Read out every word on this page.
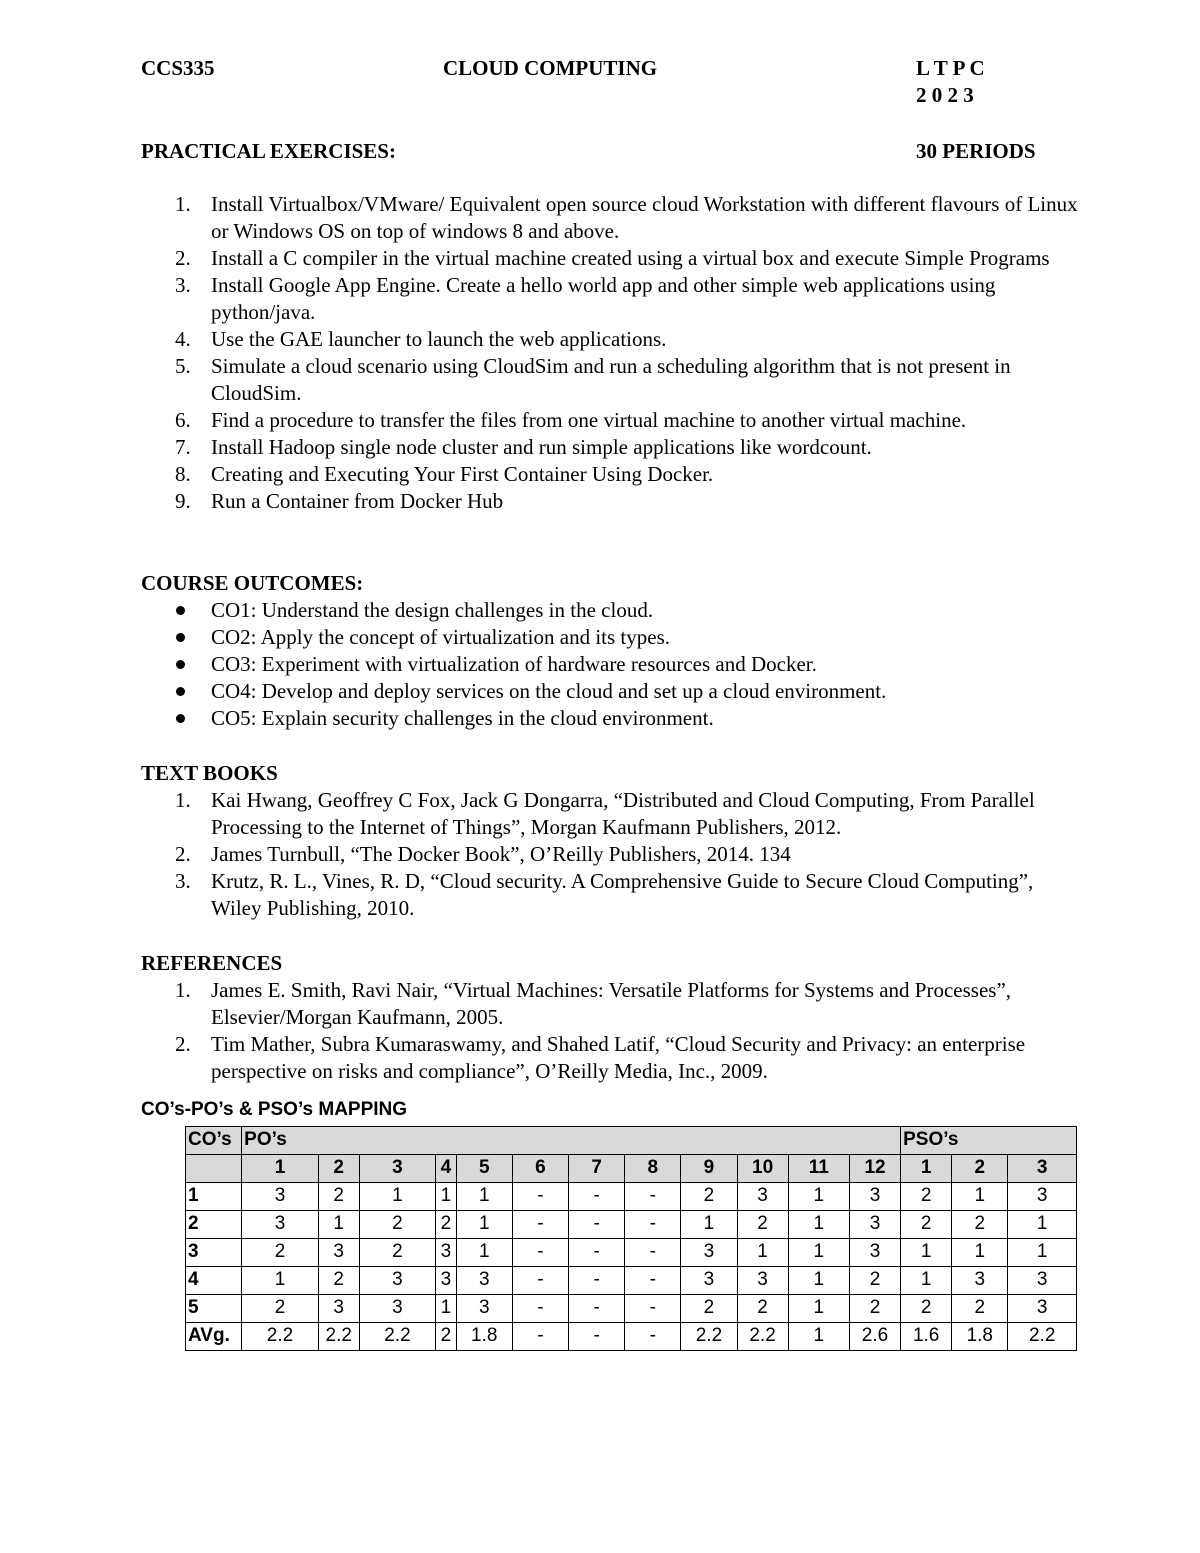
CCS335	CLOUD COMPUTING	L T P C
2 0 2 3
PRACTICAL EXERCISES:	30 PERIODS
1. Install Virtualbox/VMware/ Equivalent open source cloud Workstation with different flavours of Linux or Windows OS on top of windows 8 and above.
2. Install a C compiler in the virtual machine created using a virtual box and execute Simple Programs
3. Install Google App Engine. Create a hello world app and other simple web applications using python/java.
4. Use the GAE launcher to launch the web applications.
5. Simulate a cloud scenario using CloudSim and run a scheduling algorithm that is not present in CloudSim.
6. Find a procedure to transfer the files from one virtual machine to another virtual machine.
7. Install Hadoop single node cluster and run simple applications like wordcount.
8. Creating and Executing Your First Container Using Docker.
9. Run a Container from Docker Hub
COURSE OUTCOMES:
CO1: Understand the design challenges in the cloud.
CO2: Apply the concept of virtualization and its types.
CO3: Experiment with virtualization of hardware resources and Docker.
CO4: Develop and deploy services on the cloud and set up a cloud environment.
CO5: Explain security challenges in the cloud environment.
TEXT BOOKS
1. Kai Hwang, Geoffrey C Fox, Jack G Dongarra, “Distributed and Cloud Computing, From Parallel Processing to the Internet of Things”, Morgan Kaufmann Publishers, 2012.
2. James Turnbull, “The Docker Book”, O’Reilly Publishers, 2014. 134
3. Krutz, R. L., Vines, R. D, “Cloud security. A Comprehensive Guide to Secure Cloud Computing”, Wiley Publishing, 2010.
REFERENCES
1. James E. Smith, Ravi Nair, “Virtual Machines: Versatile Platforms for Systems and Processes”, Elsevier/Morgan Kaufmann, 2005.
2. Tim Mather, Subra Kumaraswamy, and Shahed Latif, “Cloud Security and Privacy: an enterprise perspective on risks and compliance”, O’Reilly Media, Inc., 2009.
CO’s-PO’s & PSO’s MAPPING
CO’s	PO’s												PSO’s		
	1	2	3	4	5	6	7	8	9	10	11	12	1	2	3
1	3	2	1	1	1	-	-	-	2	3	1	3	2	1	3
2	3	1	2	2	1	-	-	-	1	2	1	3	2	2	1
3	2	3	2	3	1	-	-	-	3	1	1	3	1	1	1
4	1	2	3	3	3	-	-	-	3	3	1	2	1	3	3
5	2	3	3	1	3	-	-	-	2	2	1	2	2	2	3
AVg.	2.2	2.2	2.2	2	1.8	-	-	-	2.2	2.2	1	2.6	1.6	1.8	2.2
